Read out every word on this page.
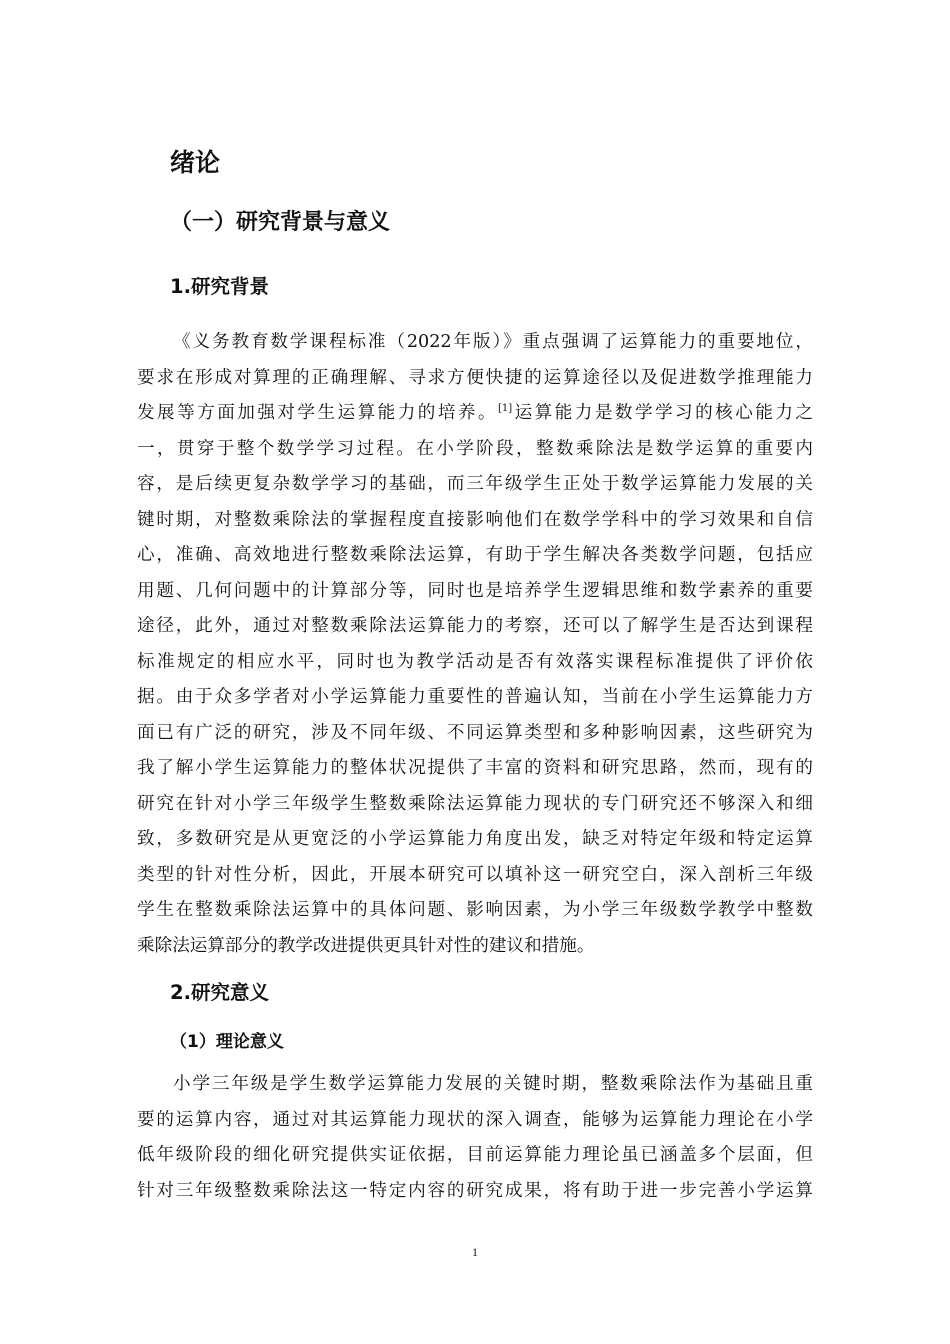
绪论
（一）研究背景与意义
1.研究背景
《义务教育数学课程标准（2022年版）》重点强调了运算能力的重要地位，
要求在形成对算理的正确理解、寻求方便快捷的运算途径以及促进数学推理能力
发展等方面加强对学生运算能力的培养。[1]运算能力是数学学习的核心能力之
一，贯穿于整个数学学习过程。在小学阶段，整数乘除法是数学运算的重要内
容，是后续更复杂数学学习的基础，而三年级学生正处于数学运算能力发展的关
键时期，对整数乘除法的掌握程度直接影响他们在数学学科中的学习效果和自信
心，准确、高效地进行整数乘除法运算，有助于学生解决各类数学问题，包括应
用题、几何问题中的计算部分等，同时也是培养学生逻辑思维和数学素养的重要
途径，此外，通过对整数乘除法运算能力的考察，还可以了解学生是否达到课程
标准规定的相应水平，同时也为教学活动是否有效落实课程标准提供了评价依
据。由于众多学者对小学运算能力重要性的普遍认知，当前在小学生运算能力方
面已有广泛的研究，涉及不同年级、不同运算类型和多种影响因素，这些研究为
我了解小学生运算能力的整体状况提供了丰富的资料和研究思路，然而，现有的
研究在针对小学三年级学生整数乘除法运算能力现状的专门研究还不够深入和细
致，多数研究是从更宽泛的小学运算能力角度出发，缺乏对特定年级和特定运算
类型的针对性分析，因此，开展本研究可以填补这一研究空白，深入剖析三年级
学生在整数乘除法运算中的具体问题、影响因素，为小学三年级数学教学中整数
乘除法运算部分的教学改进提供更具针对性的建议和措施。
2.研究意义
（1）理论意义
小学三年级是学生数学运算能力发展的关键时期，整数乘除法作为基础且重
要的运算内容，通过对其运算能力现状的深入调查，能够为运算能力理论在小学
低年级阶段的细化研究提供实证依据，目前运算能力理论虽已涵盖多个层面，但
针对三年级整数乘除法这一特定内容的研究成果，将有助于进一步完善小学运算
1
